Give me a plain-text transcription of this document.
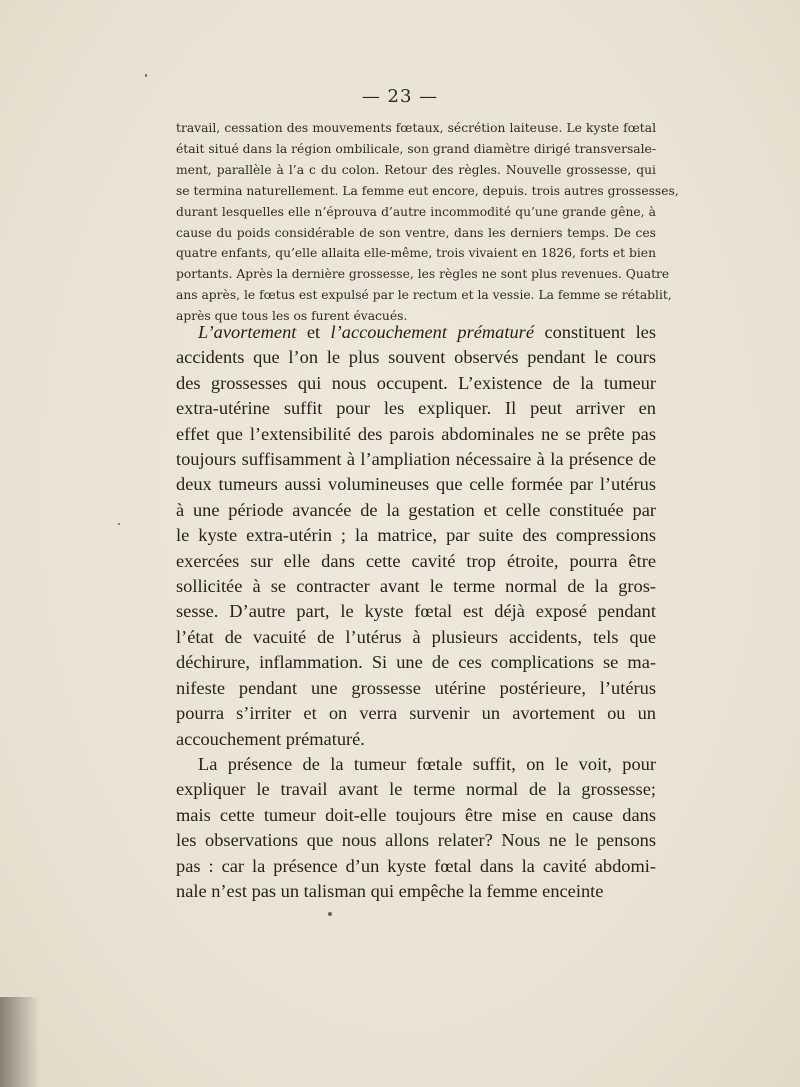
— 23 —
travail, cessation des mouvements fœtaux, sécrétion laiteuse. Le kyste fœtal
était situé dans la région ombilicale, son grand diamètre dirigé transversale-
ment, parallèle à l’a c du colon. Retour des règles. Nouvelle grossesse, qui
se termina naturellement. La femme eut encore, depuis. trois autres grossesses,
durant lesquelles elle n’éprouva d’autre incommodité qu’une grande gêne, à
cause du poids considérable de son ventre, dans les derniers temps. De ces
quatre enfants, qu’elle allaita elle-même, trois vivaient en 1826, forts et bien
portants. Après la dernière grossesse, les règles ne sont plus revenues. Quatre
ans après, le fœtus est expulsé par le rectum et la vessie. La femme se rétablit,
après que tous les os furent évacués.
L’avortement et l’accouchement prématuré constituent les
accidents que l’on le plus souvent observés pendant le cours
des grossesses qui nous occupent. L’existence de la tumeur
extra-utérine suffit pour les expliquer. Il peut arriver en
effet que l’extensibilité des parois abdominales ne se prête pas
toujours suffisamment à l’ampliation nécessaire à la présence de
deux tumeurs aussi volumineuses que celle formée par l’utérus
à une période avancée de la gestation et celle constituée par
le kyste extra-utérin ; la matrice, par suite des compressions
exercées sur elle dans cette cavité trop étroite, pourra être
sollicitée à se contracter avant le terme normal de la gros-
sesse. D’autre part, le kyste fœtal est déjà exposé pendant
l’état de vacuité de l’utérus à plusieurs accidents, tels que
déchirure, inflammation. Si une de ces complications se ma-
nifeste pendant une grossesse utérine postérieure, l’utérus
pourra s’irriter et on verra survenir un avortement ou un
accouchement prématuré.
La présence de la tumeur fœtale suffit, on le voit, pour
expliquer le travail avant le terme normal de la grossesse;
mais cette tumeur doit-elle toujours être mise en cause dans
les observations que nous allons relater? Nous ne le pensons
pas : car la présence d’un kyste fœtal dans la cavité abdomi-
nale n’est pas un talisman qui empêche la femme enceinte
